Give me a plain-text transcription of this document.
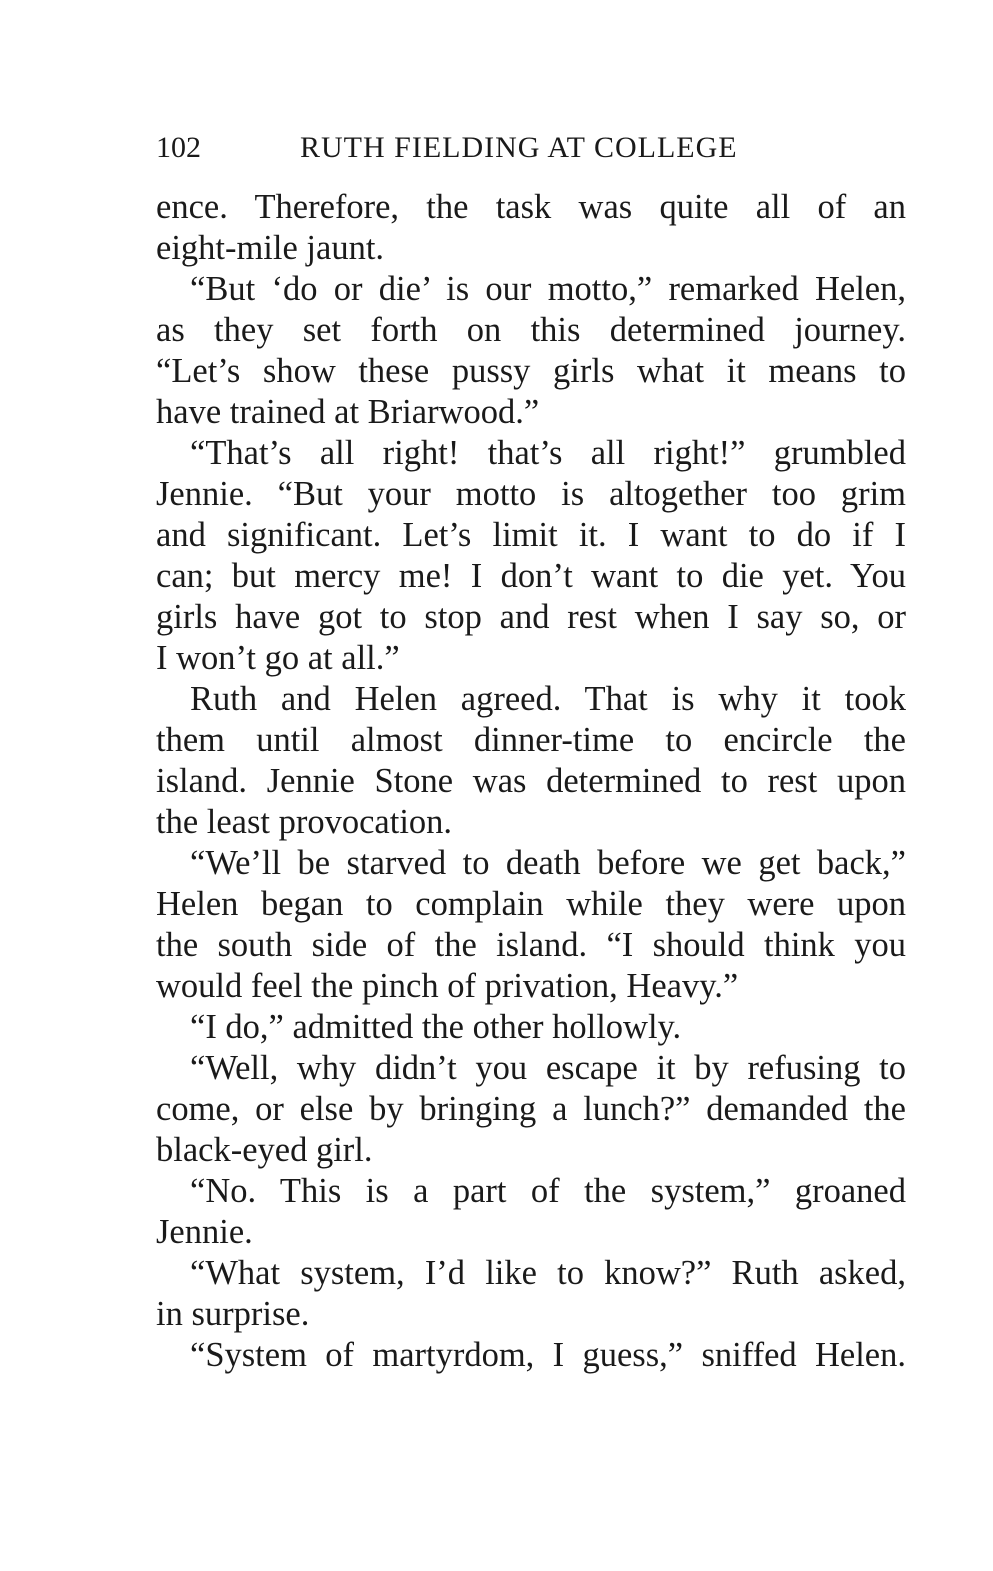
102	RUTH FIELDING AT COLLEGE
ence. Therefore, the task was quite all of an
eight-mile jaunt.
“But ‘do or die’ is our motto,” remarked Helen,
as they set forth on this determined journey.
“Let’s show these pussy girls what it means to
have trained at Briarwood.”
“That’s all right! that’s all right!” grumbled
Jennie. “But your motto is altogether too grim
and significant. Let’s limit it. I want to do if I
can; but mercy me! I don’t want to die yet. You
girls have got to stop and rest when I say so, or
I won’t go at all.”
Ruth and Helen agreed. That is why it took
them until almost dinner-time to encircle the
island. Jennie Stone was determined to rest upon
the least provocation.
“We’ll be starved to death before we get back,”
Helen began to complain while they were upon
the south side of the island. “I should think you
would feel the pinch of privation, Heavy.”
“I do,” admitted the other hollowly.
“Well, why didn’t you escape it by refusing to
come, or else by bringing a lunch?” demanded the
black-eyed girl.
“No. This is a part of the system,” groaned
Jennie.
“What system, I’d like to know?” Ruth asked,
in surprise.
“System of martyrdom, I guess,” sniffed Helen.
